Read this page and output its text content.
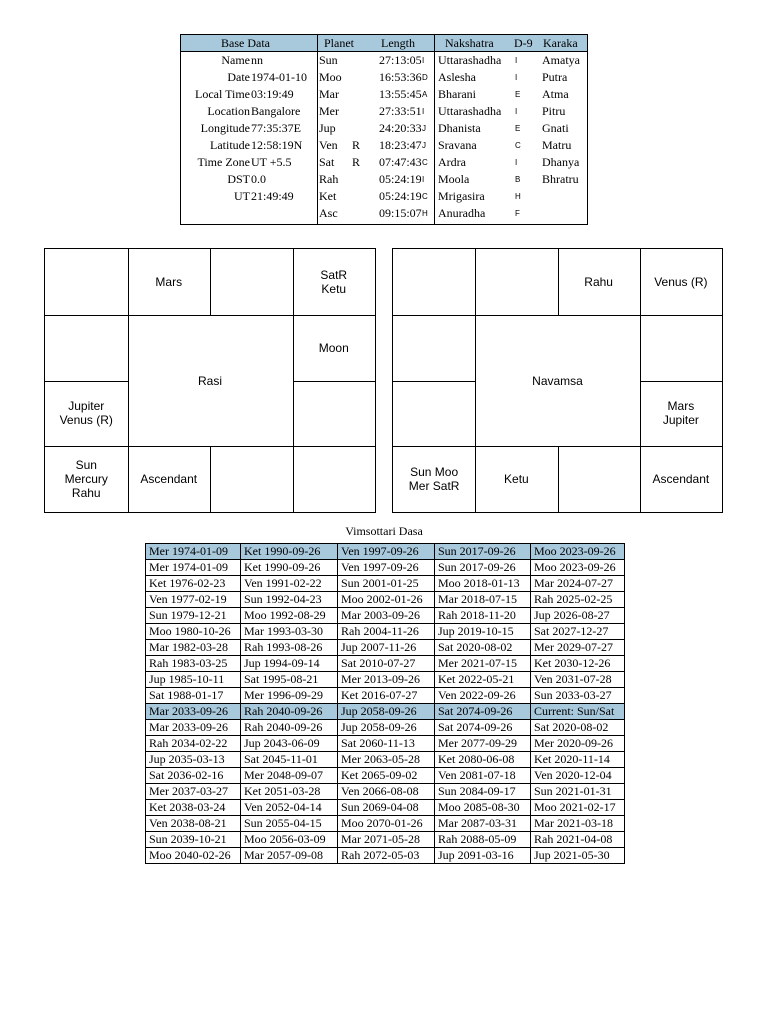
Base Data	Planet Length	Nakshatra D-9 Karaka
Name nn	Sun	27:13:05 I Uttarashadha I Amatya
Date 1974-01-10 Moo	16:53:36 D Aslesha	I Putra
Local Time 03:19:49 Mar	13:55:45 A Bharani	E Atma
Location Bangalore Mer	27:33:51 I Uttarashadha I Pitru
Longitude 77:35:37E Jup	24:20:33 J Dhanista	E Gnati
Latitude 12:58:19N Ven R 18:23:47 J Sravana	C Matru
Time Zone UT +5.5 Sat R 07:47:43 C Ardra	I Dhanya
DST 0.0	Rah	05:24:19 I Moola	B Bhratru
UT 21:49:49 Ket	05:24:19 C Mrigasira	H
Asc	09:15:07 H Anuradha	F
Mars	SatR
Ketu
Moon
Jupiter
Venus (R)
Sun
Mercury
Rahu
Ascendant
Rasi
Rahu	Venus (R)
Mars
Jupiter
Sun Moo
Mer SatR	Ketu	Ascendant
Navamsa
Vimsottari Dasa
Mer 1974-01-09	Ket 1990-09-26	Ven 1997-09-26	Sun 2017-09-26	Moo 2023-09-26
Mer 1974-01-09	Ket 1990-09-26	Ven 1997-09-26	Sun 2017-09-26	Moo 2023-09-26
Ket 1976-02-23	Ven 1991-02-22	Sun 2001-01-25	Moo 2018-01-13	Mar 2024-07-27
Ven 1977-02-19	Sun 1992-04-23	Moo 2002-01-26	Mar 2018-07-15	Rah 2025-02-25
Sun 1979-12-21	Moo 1992-08-29	Mar 2003-09-26	Rah 2018-11-20	Jup 2026-08-27
Moo 1980-10-26	Mar 1993-03-30	Rah 2004-11-26	Jup 2019-10-15	Sat 2027-12-27
Mar 1982-03-28	Rah 1993-08-26	Jup 2007-11-26	Sat 2020-08-02	Mer 2029-07-27
Rah 1983-03-25	Jup 1994-09-14	Sat 2010-07-27	Mer 2021-07-15	Ket 2030-12-26
Jup 1985-10-11	Sat 1995-08-21	Mer 2013-09-26	Ket 2022-05-21	Ven 2031-07-28
Sat 1988-01-17	Mer 1996-09-29	Ket 2016-07-27	Ven 2022-09-26	Sun 2033-03-27
Mar 2033-09-26	Rah 2040-09-26	Jup 2058-09-26	Sat 2074-09-26	Current: Sun/Sat
Mar 2033-09-26	Rah 2040-09-26	Jup 2058-09-26	Sat 2074-09-26	Sat 2020-08-02
Rah 2034-02-22	Jup 2043-06-09	Sat 2060-11-13	Mer 2077-09-29	Mer 2020-09-26
Jup 2035-03-13	Sat 2045-11-01	Mer 2063-05-28	Ket 2080-06-08	Ket 2020-11-14
Sat 2036-02-16	Mer 2048-09-07	Ket 2065-09-02	Ven 2081-07-18	Ven 2020-12-04
Mer 2037-03-27	Ket 2051-03-28	Ven 2066-08-08	Sun 2084-09-17	Sun 2021-01-31
Ket 2038-03-24	Ven 2052-04-14	Sun 2069-04-08	Moo 2085-08-30	Moo 2021-02-17
Ven 2038-08-21	Sun 2055-04-15	Moo 2070-01-26	Mar 2087-03-31	Mar 2021-03-18
Sun 2039-10-21	Moo 2056-03-09	Mar 2071-05-28	Rah 2088-05-09	Rah 2021-04-08
Moo 2040-02-26	Mar 2057-09-08	Rah 2072-05-03	Jup 2091-03-16	Jup 2021-05-30
